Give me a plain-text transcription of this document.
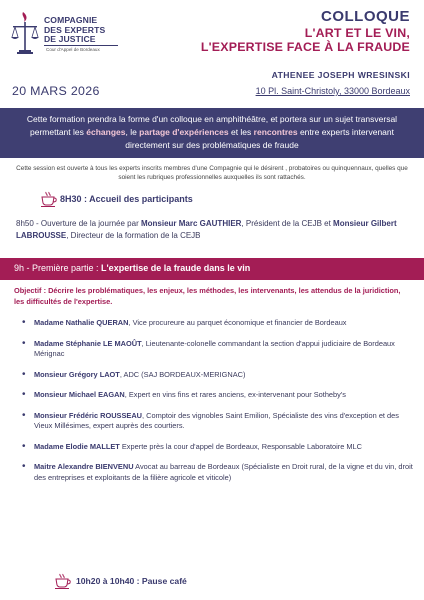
COMPAGNIE
DES EXPERTS
DE JUSTICE
Cour d'Appel de Bordeaux
COLLOQUE
L'ART ET LE VIN,
L'EXPERTISE FACE À LA FRAUDE
ATHENEE JOSEPH WRESINSKI
20 MARS 2026	10 Pl. Saint-Christoly, 33000 Bordeaux
Cette formation prendra la forme d'un colloque en amphithéâtre, et portera sur un sujet transversal permettant les échanges, le partage d'expériences et les rencontres entre experts intervenant directement sur des problématiques de fraude
Cette session est ouverte à tous les experts inscrits membres d'une Compagnie qui le désirent , probatoires ou quinquennaux, quelles que soient les rubriques professionnelles auxquelles ils sont rattachés.
8H30 : Accueil des participants
8h50 - Ouverture de la journée par Monsieur Marc GAUTHIER, Président de la CEJB et Monsieur Gilbert LABROUSSE, Directeur de la formation de la CEJB
9h - Première partie : L'expertise de la fraude dans le vin
Objectif : Décrire les problématiques, les enjeux, les méthodes, les intervenants, les attendus de la juridiction, les difficultés de l'expertise.
• Madame Nathalie QUERAN, Vice procureure au parquet économique et financier de Bordeaux
• Madame Stéphanie LE MAOÛT, Lieutenante-colonelle commandant la section d'appui judiciaire de Bordeaux Mérignac
• Monsieur Grégory LAOT, ADC (SAJ BORDEAUX-MERIGNAC)
• Monsieur Michael EAGAN, Expert en vins fins et rares anciens, ex-intervenant pour Sotheby's
• Monsieur Frédéric ROUSSEAU, Comptoir des vignobles Saint Emilion, Spécialiste des vins d'exception et des Vieux Millésimes, expert auprès des courtiers.
• Madame Elodie MALLET Experte près la cour d'appel de Bordeaux, Responsable Laboratoire MLC
• Maitre Alexandre BIENVENU Avocat au barreau de Bordeaux (Spécialiste en Droit rural, de la vigne et du vin, droit des entreprises et exploitants de la filière agricole et viticole)
10h20 à 10h40 : Pause café
